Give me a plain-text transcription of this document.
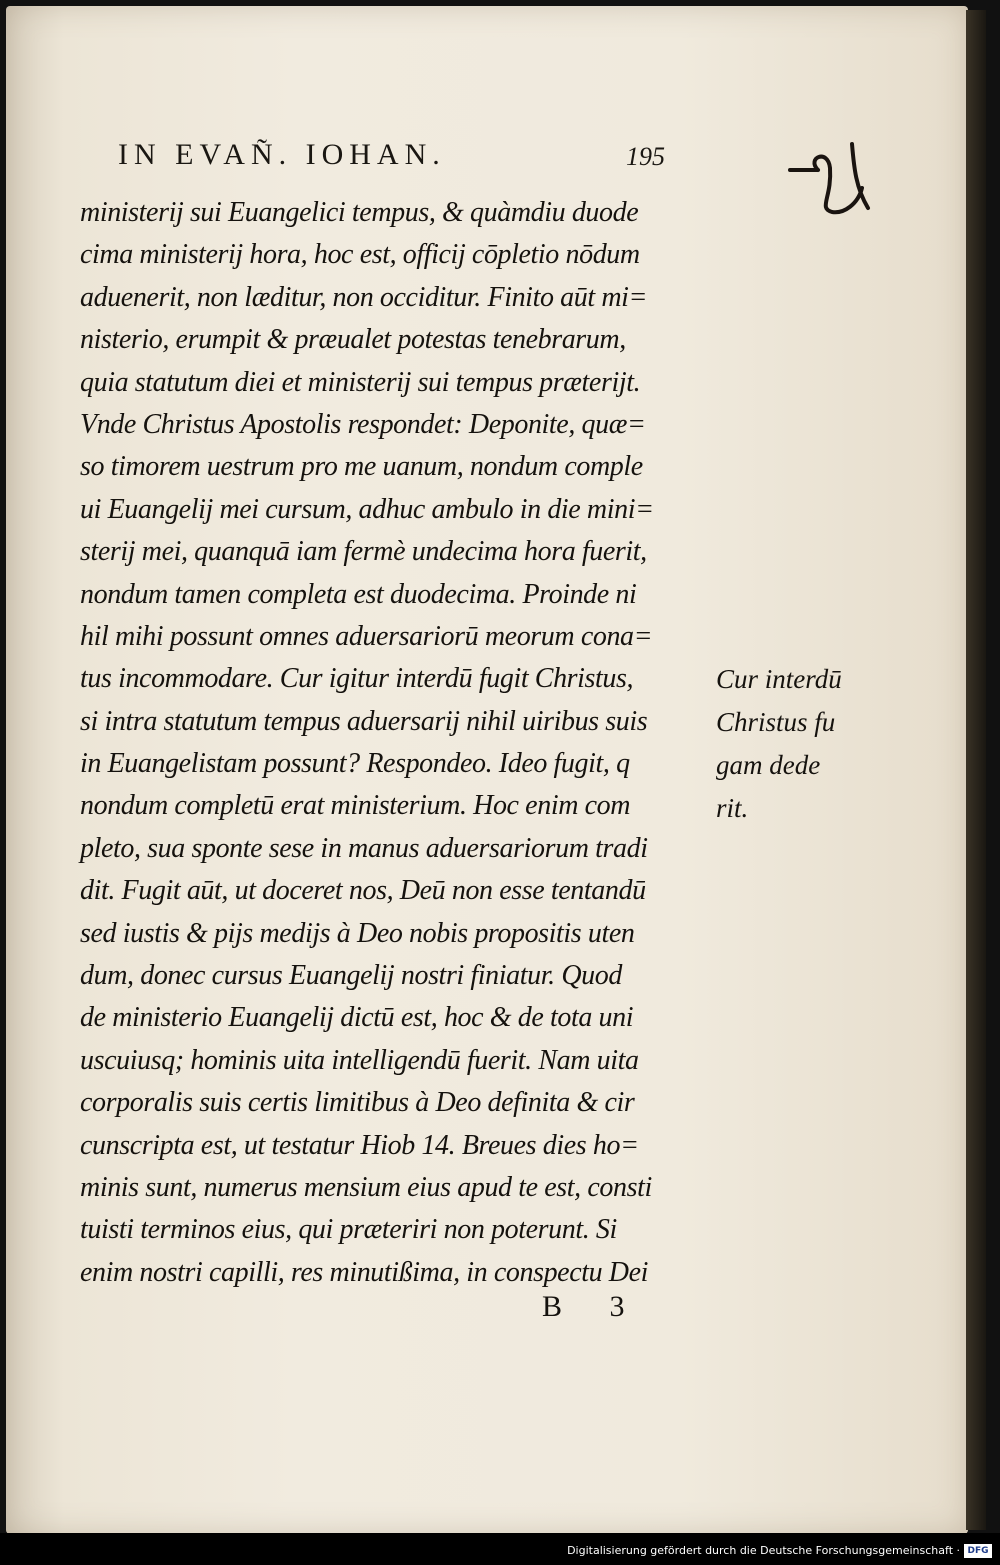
IN EVAÑ. IOHAN.	195
ministerij sui Euangelici tempus, & quàmdiu duode
cima ministerij hora, hoc est, officij cōpletio nōdum
aduenerit, non læditur, non occiditur. Finito aūt mi=
nisterio, erumpit & præualet potestas tenebrarum,
quia statutum diei et ministerij sui tempus præterijt.
Vnde Christus Apostolis respondet: Deponite, quæ=
so timorem uestrum pro me uanum, nondum comple
ui Euangelij mei cursum, adhuc ambulo in die mini=
sterij mei, quanquā iam fermè undecima hora fuerit,
nondum tamen completa est duodecima. Proinde ni
hil mihi possunt omnes aduersariorū meorum cona=
tus incommodare. Cur igitur interdū fugit Christus,
si intra statutum tempus aduersarij nihil uiribus suis
in Euangelistam possunt? Respondeo. Ideo fugit, q
nondum completū erat ministerium. Hoc enim com
pleto, sua sponte sese in manus aduersariorum tradi
dit. Fugit aūt, ut doceret nos, Deū non esse tentandū
sed iustis & pijs medijs à Deo nobis propositis uten
dum, donec cursus Euangelij nostri finiatur. Quod
de ministerio Euangelij dictū est, hoc & de tota uni
uscuiusq; hominis uita intelligendū fuerit. Nam uita
corporalis suis certis limitibus à Deo definita & cir
cunscripta est, ut testatur Hiob 14. Breues dies ho=
minis sunt, numerus mensium eius apud te est, consti
tuisti terminos eius, qui præteriri non poterunt. Si
enim nostri capilli, res minutißima, in conspectu Dei
Cur interdū
Christus fu
gam dede
rit.
B 3
Digitalisierung gefördert durch die Deutsche Forschungsgemeinschaft · DFG
